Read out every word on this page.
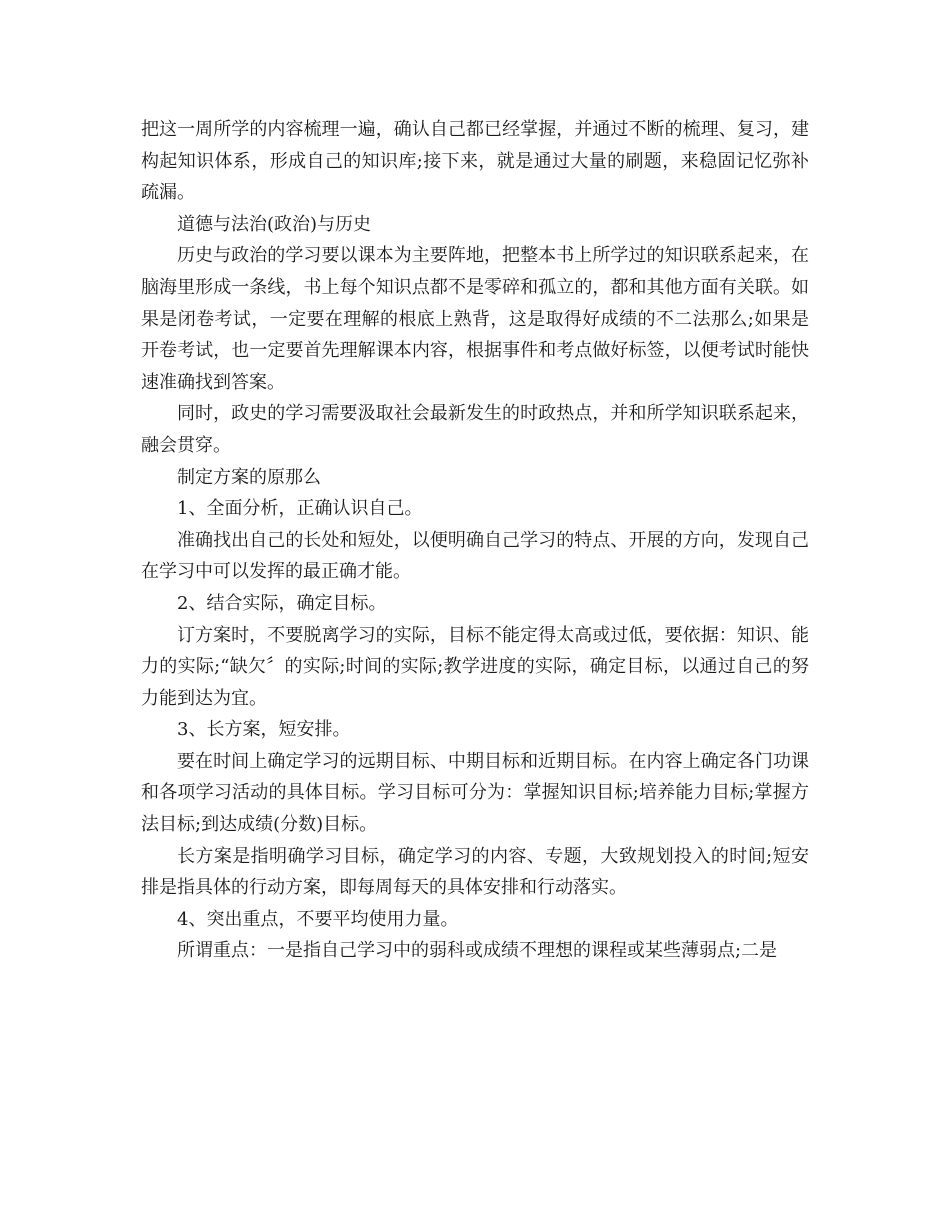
把这一周所学的内容梳理一遍，确认自己都已经掌握，并通过不断的梳理、复习，建构起知识体系，形成自己的知识库;接下来，就是通过大量的刷题，来稳固记忆弥补疏漏。

道德与法治(政治)与历史

历史与政治的学习要以课本为主要阵地，把整本书上所学过的知识联系起来，在脑海里形成一条线，书上每个知识点都不是零碎和孤立的，都和其他方面有关联。如果是闭卷考试，一定要在理解的根底上熟背，这是取得好成绩的不二法那么;如果是开卷考试，也一定要首先理解课本内容，根据事件和考点做好标签，以便考试时能快速准确找到答案。

同时，政史的学习需要汲取社会最新发生的时政热点，并和所学知识联系起来，融会贯穿。

制定方案的原那么

1、全面分析，正确认识自己。

准确找出自己的长处和短处，以便明确自己学习的特点、开展的方向，发现自己在学习中可以发挥的最正确才能。

2、结合实际，确定目标。

订方案时，不要脱离学习的实际，目标不能定得太高或过低，要依据：知识、能力的实际;“缺欠〞的实际;时间的实际;教学进度的实际，确定目标，以通过自己的努力能到达为宜。

3、长方案，短安排。

要在时间上确定学习的远期目标、中期目标和近期目标。在内容上确定各门功课和各项学习活动的具体目标。学习目标可分为：掌握知识目标;培养能力目标;掌握方法目标;到达成绩(分数)目标。

长方案是指明确学习目标，确定学习的内容、专题，大致规划投入的时间;短安排是指具体的行动方案，即每周每天的具体安排和行动落实。

4、突出重点，不要平均使用力量。

所谓重点：一是指自己学习中的弱科或成绩不理想的课程或某些薄弱点;二是
